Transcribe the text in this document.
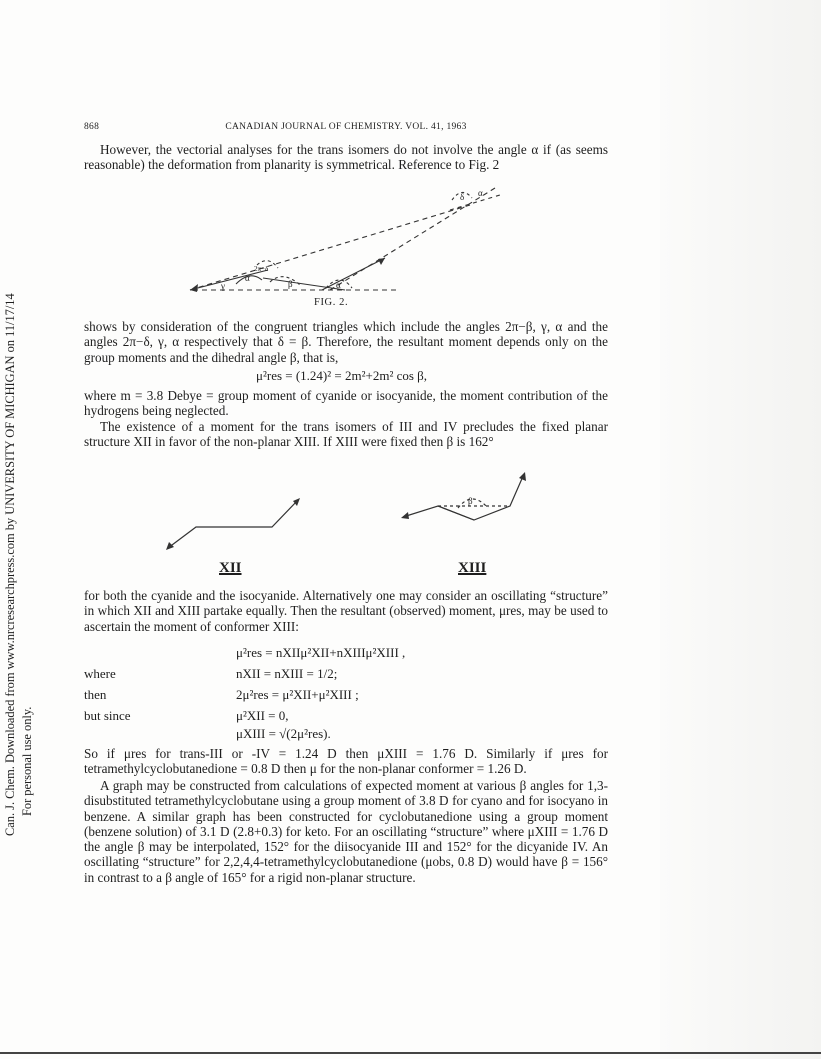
Can. J. Chem. Downloaded from www.nrcresearchpress.com by UNIVERSITY OF MICHIGAN on 11/17/14 For personal use only.
868	CANADIAN JOURNAL OF CHEMISTRY. VOL. 41, 1963

However, the vectorial analyses for the trans isomers do not involve the angle α if (as seems reasonable) the deformation from planarity is symmetrical. Reference to Fig. 2

α
δ
γ
2π−δ
β	α
α
FIG. 2.

shows by consideration of the congruent triangles which include the angles 2π−β, γ, α and the angles 2π−δ, γ, α respectively that δ = β. Therefore, the resultant moment depends only on the group moments and the dihedral angle β, that is,

μ²res = (1.24)² = 2m²+2m² cos β,

where m = 3.8 Debye = group moment of cyanide or isocyanide, the moment contribution of the hydrogens being neglected.

The existence of a moment for the trans isomers of III and IV precludes the fixed planar structure XII in favor of the non-planar XIII. If XIII were fixed then β is 162°

β
XII	XIII

for both the cyanide and the isocyanide. Alternatively one may consider an oscillating “structure” in which XII and XIII partake equally. Then the resultant (observed) moment, μres, may be used to ascertain the moment of conformer XIII:

μ²res = nXIIμ²XII+nXIIIμ²XIII ,
where	nXII = nXIII = 1/2;
then	2μ²res = μ²XII+μ²XIII ;
but since	μ²XII = 0,
μXIII = √(2μ²res).

So if μres for trans-III or -IV = 1.24 D then μXIII = 1.76 D. Similarly if μres for tetramethylcyclobutanedione = 0.8 D then μ for the non-planar conformer = 1.26 D.

A graph may be constructed from calculations of expected moment at various β angles for 1,3-disubstituted tetramethylcyclobutane using a group moment of 3.8 D for cyano and for isocyano in benzene. A similar graph has been constructed for cyclobutanedione using a group moment (benzene solution) of 3.1 D (2.8+0.3) for keto. For an oscillating “structure” where μXIII = 1.76 D the angle β may be interpolated, 152° for the diisocyanide III and 152° for the dicyanide IV. An oscillating “structure” for 2,2,4,4-tetramethylcyclobutanedione (μobs, 0.8 D) would have β = 156° in contrast to a β angle of 165° for a rigid non-planar structure.
